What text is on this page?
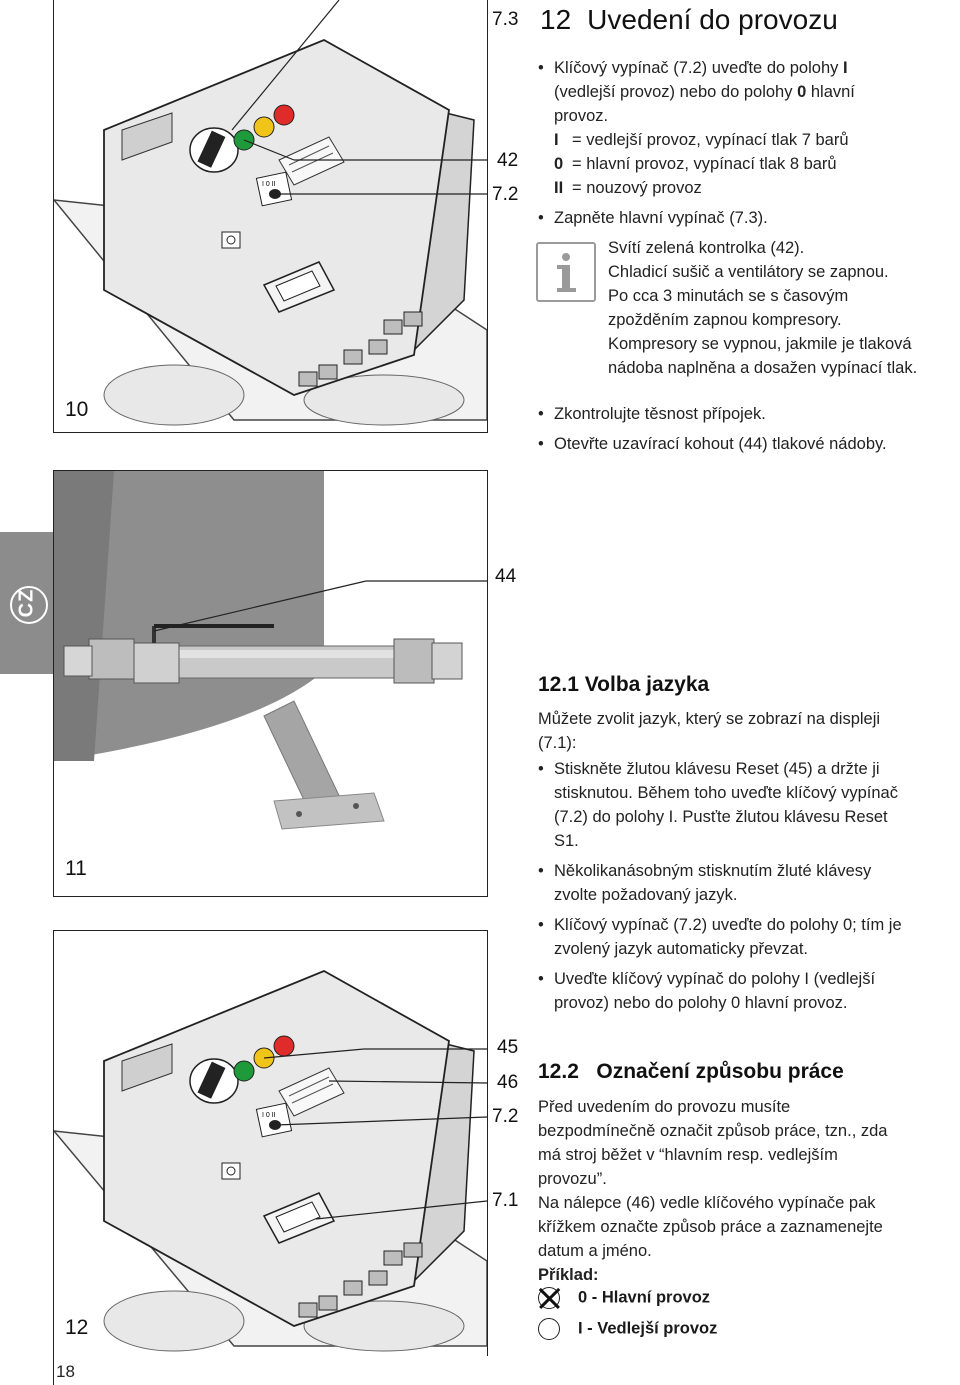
I 0 II
10
7.3
42
7.2
11
44
I 0 II
12
45
46
7.2
7.1
CZ
12 Uvedení do provozu
• Klíčový vypínač (7.2) uveďte do polohy I
(vedlejší provoz) nebo do polohy 0 hlavní
provoz.
I = vedlejší provoz, vypínací tlak 7 barů
0 = hlavní provoz, vypínací tlak 8 barů
II = nouzový provoz
• Zapněte hlavní vypínač (7.3).
Svítí zelená kontrolka (42).
Chladicí sušič a ventilátory se zapnou.
Po cca 3 minutách se s časovým
zpožděním zapnou kompresory.
Kompresory se vypnou, jakmile je tlaková
nádoba naplněna a dosažen vypínací tlak.
• Zkontrolujte těsnost přípojek.
• Otevřte uzavírací kohout (44) tlakové nádoby.
12.1 Volba jazyka
Můžete zvolit jazyk, který se zobrazí na displeji
(7.1):
• Stiskněte žlutou klávesu Reset (45) a držte ji
stisknutou. Během toho uveďte klíčový vypínač
(7.2) do polohy I. Pusťte žlutou klávesu Reset
S1.
• Několikanásobným stisknutím žluté klávesy
zvolte požadovaný jazyk.
• Klíčový vypínač (7.2) uveďte do polohy 0; tím je
zvolený jazyk automaticky převzat.
• Uveďte klíčový vypínač do polohy I (vedlejší
provoz) nebo do polohy 0 hlavní provoz.
12.2 Označení způsobu práce
Před uvedením do provozu musíte
bezpodmínečně označit způsob práce, tzn., zda
má stroj běžet v “hlavním resp. vedlejším
provozu”.
Na nálepce (46) vedle klíčového vypínače pak
křížkem označte způsob práce a zaznamenejte
datum a jméno.
Příklad:
0 - Hlavní provoz
I - Vedlejší provoz
18
